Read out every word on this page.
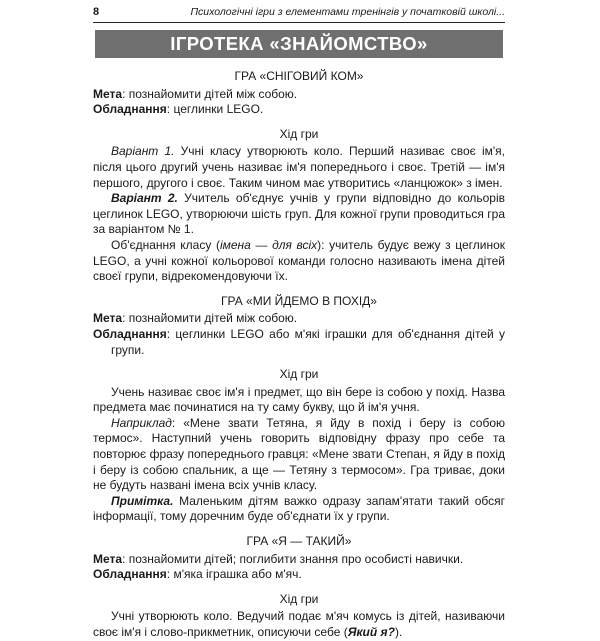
8	Психологічні ігри з елементами тренінгів у початковій школі...
ІГРОТЕКА «ЗНАЙОМСТВО»
ГРА «СНІГОВИЙ КОМ»

Мета: познайомити дітей між собою.

Обладнання: цеглинки LEGO.

Хід гри

Варіант 1. Учні класу утворюють коло. Перший називає своє ім'я, після цього другий учень називає ім'я попереднього і своє. Третій — ім'я першого, другого і своє. Таким чином має утворитись «ланцюжок» з імен.

Варіант 2. Учитель об'єднує учнів у групи відповідно до кольорів цеглинок LEGO, утворюючи шість груп. Для кожної групи проводиться гра за варіантом № 1.

Об'єднання класу (імена — для всіх): учитель будує вежу з цеглинок LEGO, а учні кожної кольорової команди голосно називають імена дітей своєї групи, відрекомендовуючи їх.

ГРА «МИ ЙДЕМО В ПОХІД»

Мета: познайомити дітей між собою.

Обладнання: цеглинки LEGO або м'які іграшки для об'єднання дітей у групи.

Хід гри

Учень називає своє ім'я і предмет, що він бере із собою у похід. Назва предмета має починатися на ту саму букву, що й ім'я учня.

Наприклад: «Мене звати Тетяна, я йду в похід і беру із собою термос». Наступний учень говорить відповідну фразу про себе та повторює фразу попереднього гравця: «Мене звати Степан, я йду в похід і беру із собою спальник, а ще — Тетяну з термосом». Гра триває, доки не будуть названі імена всіх учнів класу.

Примітка. Маленьким дітям важко одразу запам'ятати такий обсяг інформації, тому доречним буде об'єднати їх у групи.

ГРА «Я — ТАКИЙ»

Мета: познайомити дітей; поглибити знання про особисті навички.

Обладнання: м'яка іграшка або м'яч.

Хід гри

Учні утворюють коло. Ведучий подає м'яч комусь із дітей, називаючи своє ім'я і слово-прикметник, описуючи себе (Який я?).
